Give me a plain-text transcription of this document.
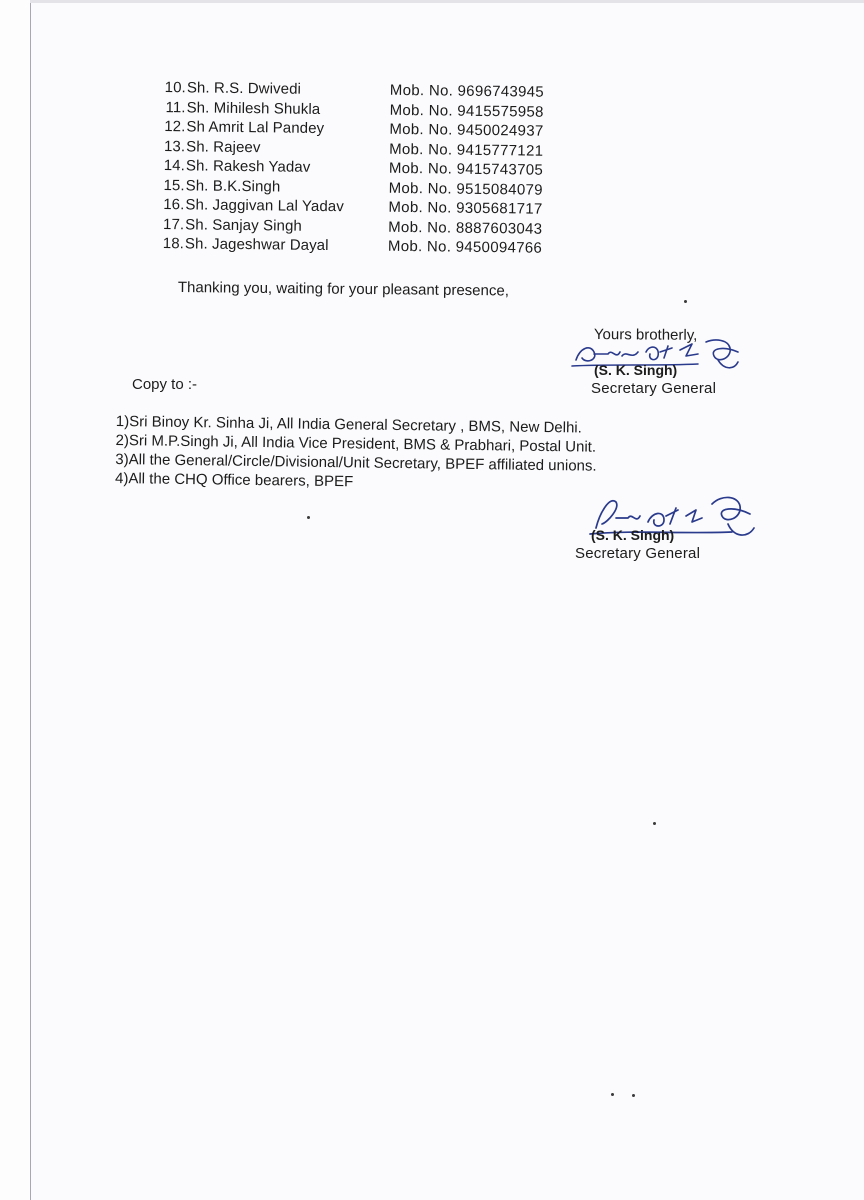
10. Sh. R.S. Dwivedi	Mob. No. 9696743945
11. Sh. Mihilesh Shukla	Mob. No. 9415575958
12. Sh Amrit Lal Pandey	Mob. No. 9450024937
13. Sh. Rajeev	Mob. No. 9415777121
14. Sh. Rakesh Yadav	Mob. No. 9415743705
15. Sh. B.K.Singh	Mob. No. 9515084079
16. Sh. Jaggivan Lal Yadav	Mob. No. 9305681717
17. Sh. Sanjay Singh	Mob. No. 8887603043
18. Sh. Jageshwar Dayal	Mob. No. 9450094766
Thanking you, waiting for your pleasant presence,
Yours brotherly,
(S. K. Singh)
Secretary General
Copy to :-
1)Sri Binoy Kr. Sinha Ji, All India General Secretary , BMS, New Delhi.
2)Sri M.P.Singh Ji, All India Vice President, BMS & Prabhari, Postal Unit.
3)All the General/Circle/Divisional/Unit Secretary, BPEF affiliated unions.
4)All the CHQ Office bearers, BPEF
(S. K. Singh)
Secretary General
